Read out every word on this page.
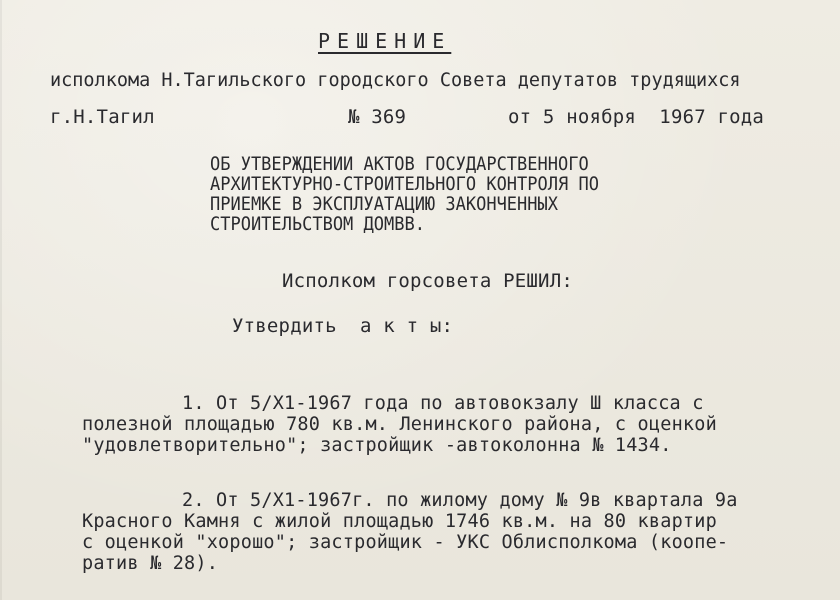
РЕШЕНИЕ
исполкома Н.Тагильского городского Совета депутатов трудящихся
г.Н.Тагил	№ 369	от 5 ноября  1967 года
ОБ УТВЕРЖДЕНИИ АКТОВ ГОСУДАРСТВЕННОГО
АРХИТЕКТУРНО-СТРОИТЕЛЬНОГО КОНТРОЛЯ ПО
ПРИЕМКЕ В ЭКСПЛУАТАЦИЮ ЗАКОНЧЕННЫХ
СТРОИТЕЛЬСТВОМ ДОМВВ.
Исполком горсовета РЕШИЛ:
Утвердить  а к т ы:
1. От 5/Х1-1967 года по автовокзалу Ш класса с
полезной площадью 780 кв.м. Ленинского района, с оценкой
"удовлетворительно"; застройщик -автоколонна № 1434.
2. От 5/Х1-1967г. по жилому дому № 9в квартала 9а
Красного Камня с жилой площадью 1746 кв.м. на 80 квартир
с оценкой "хорошо"; застройщик - УКС Облисполкома (коопе-
ратив № 28).
